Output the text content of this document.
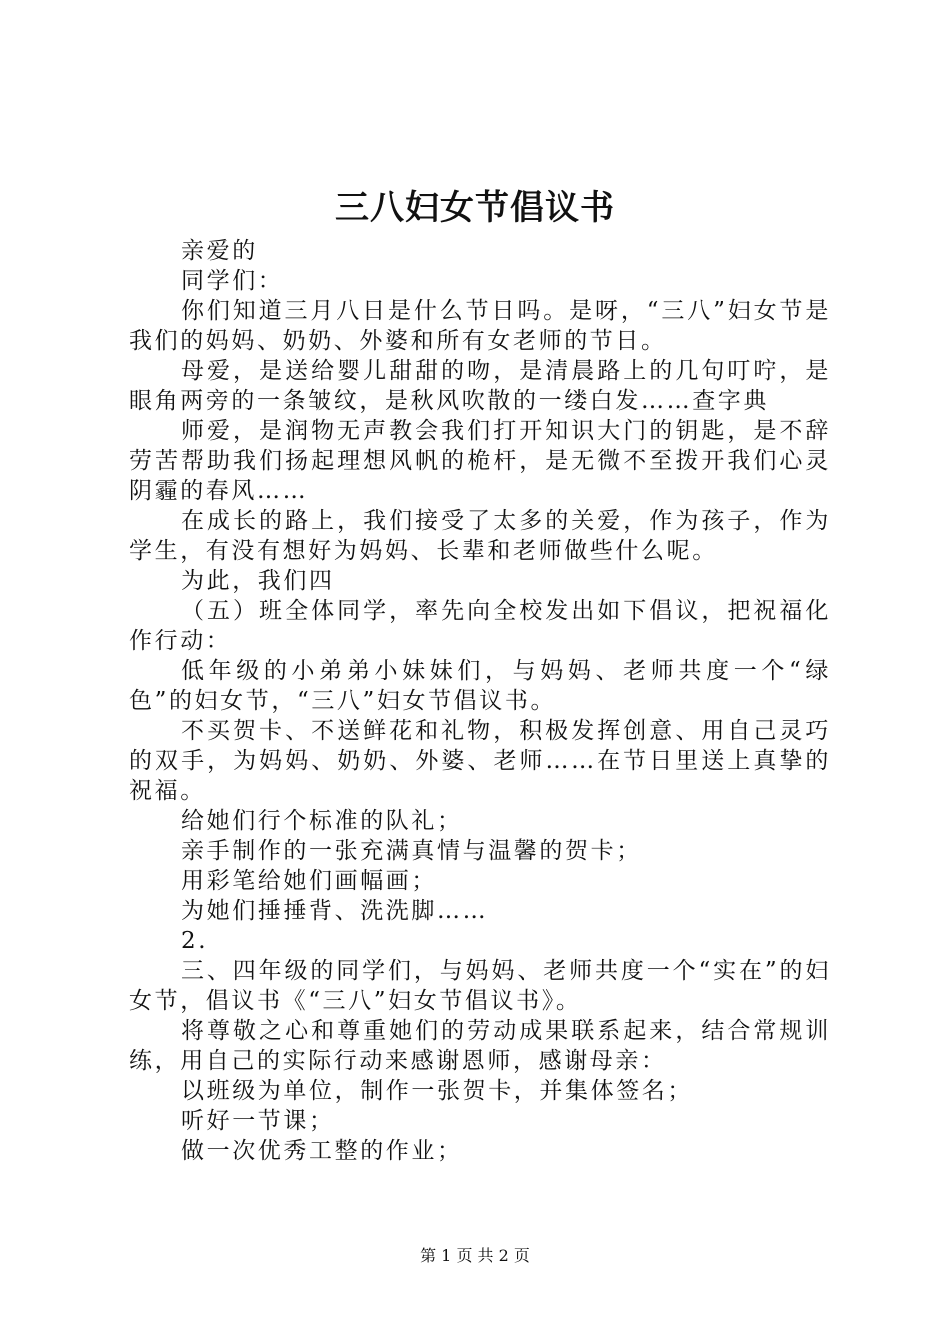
三八妇女节倡议书

亲爱的

同学们：

你们知道三月八日是什么节日吗。是呀，“三八”妇女节是我们的妈妈、奶奶、外婆和所有女老师的节日。

母爱，是送给婴儿甜甜的吻，是清晨路上的几句叮咛，是眼角两旁的一条皱纹，是秋风吹散的一缕白发……查字典

师爱，是润物无声教会我们打开知识大门的钥匙，是不辞劳苦帮助我们扬起理想风帆的桅杆，是无微不至拨开我们心灵阴霾的春风……

在成长的路上，我们接受了太多的关爱，作为孩子，作为学生，有没有想好为妈妈、长辈和老师做些什么呢。

为此，我们四

（五）班全体同学，率先向全校发出如下倡议，把祝福化作行动：

低年级的小弟弟小妹妹们，与妈妈、老师共度一个“绿色”的妇女节，“三八”妇女节倡议书。

不买贺卡、不送鲜花和礼物，积极发挥创意、用自己灵巧的双手，为妈妈、奶奶、外婆、老师……在节日里送上真挚的祝福。

给她们行个标准的队礼；

亲手制作的一张充满真情与温馨的贺卡；

用彩笔给她们画幅画；

为她们捶捶背、洗洗脚……

2.

三、四年级的同学们，与妈妈、老师共度一个“实在”的妇女节，倡议书《“三八”妇女节倡议书》。

将尊敬之心和尊重她们的劳动成果联系起来，结合常规训练，用自己的实际行动来感谢恩师，感谢母亲：

以班级为单位，制作一张贺卡，并集体签名；

听好一节课；

做一次优秀工整的作业；

第 1 页 共 2 页
